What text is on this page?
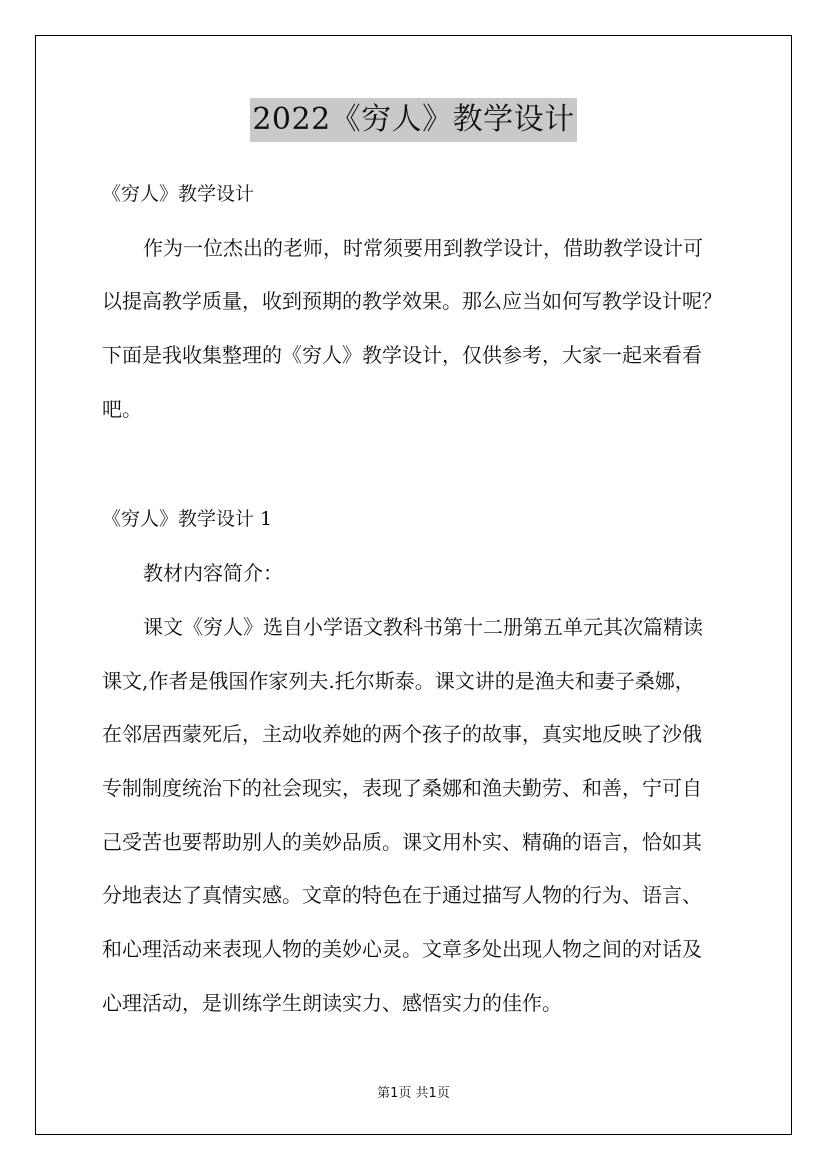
2022《穷人》教学设计
《穷人》教学设计
作为一位杰出的老师，时常须要用到教学设计，借助教学设计可
以提高教学质量，收到预期的教学效果。那么应当如何写教学设计呢？
下面是我收集整理的《穷人》教学设计，仅供参考，大家一起来看看
吧。
《穷人》教学设计 1
教材内容简介：
课文《穷人》选自小学语文教科书第十二册第五单元其次篇精读
课文,作者是俄国作家列夫.托尔斯泰。课文讲的是渔夫和妻子桑娜，
在邻居西蒙死后，主动收养她的两个孩子的故事，真实地反映了沙俄
专制制度统治下的社会现实，表现了桑娜和渔夫勤劳、和善，宁可自
己受苦也要帮助别人的美妙品质。课文用朴实、精确的语言，恰如其
分地表达了真情实感。文章的特色在于通过描写人物的行为、语言、
和心理活动来表现人物的美妙心灵。文章多处出现人物之间的对话及
心理活动，是训练学生朗读实力、感悟实力的佳作。
第1页 共1页
